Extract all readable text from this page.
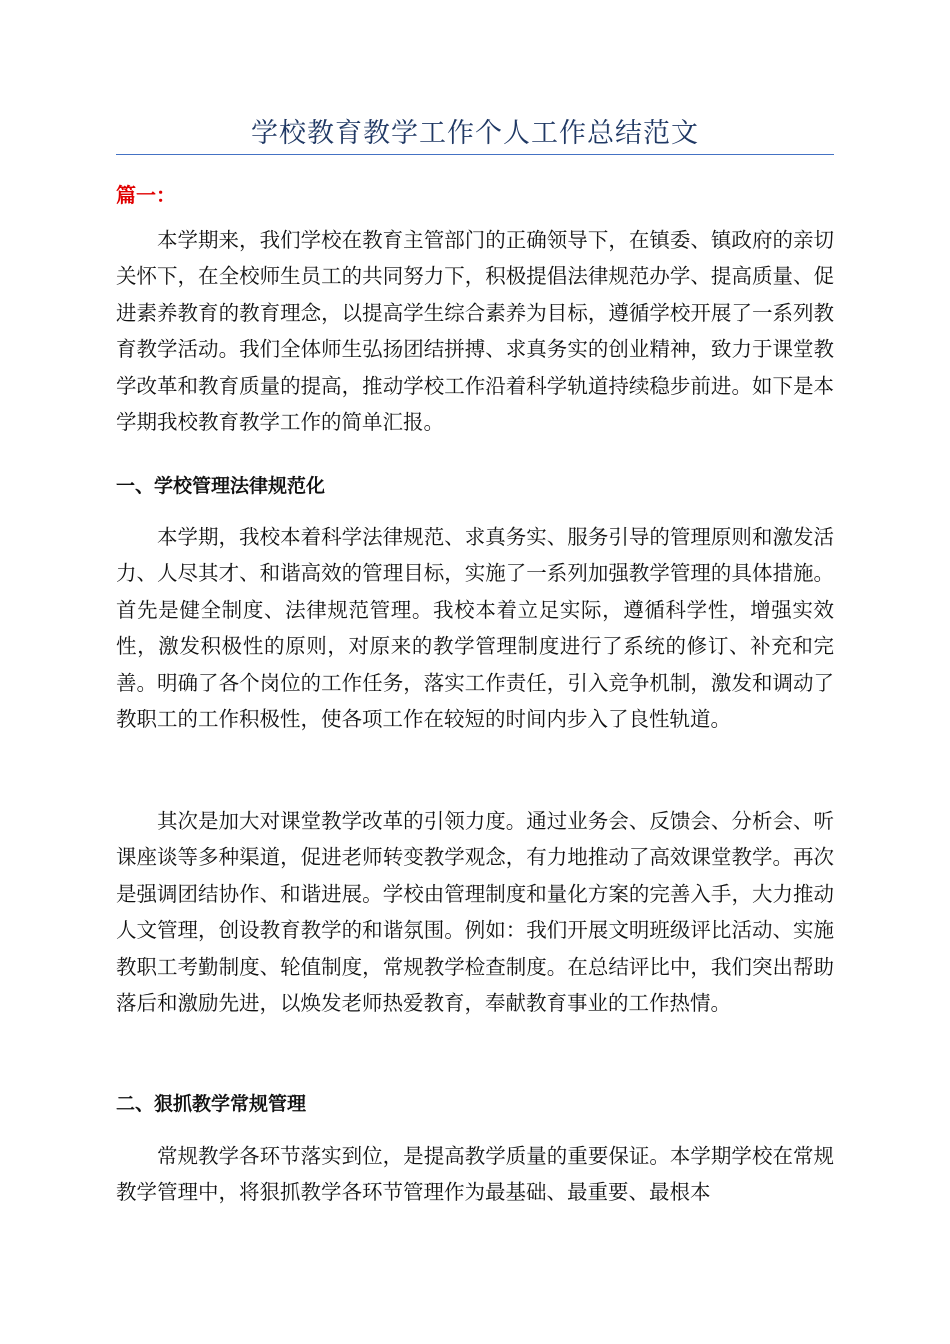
学校教育教学工作个人工作总结范文

篇一：

本学期来，我们学校在教育主管部门的正确领导下，在镇委、镇政府的亲切关怀下，在全校师生员工的共同努力下，积极提倡法律规范办学、提高质量、促进素养教育的教育理念，以提高学生综合素养为目标，遵循学校开展了一系列教育教学活动。我们全体师生弘扬团结拼搏、求真务实的创业精神，致力于课堂教学改革和教育质量的提高，推动学校工作沿着科学轨道持续稳步前进。如下是本学期我校教育教学工作的简单汇报。

一、学校管理法律规范化

本学期，我校本着科学法律规范、求真务实、服务引导的管理原则和激发活力、人尽其才、和谐高效的管理目标，实施了一系列加强教学管理的具体措施。首先是健全制度、法律规范管理。我校本着立足实际，遵循科学性，增强实效性，激发积极性的原则，对原来的教学管理制度进行了系统的修订、补充和完善。明确了各个岗位的工作任务，落实工作责任，引入竞争机制，激发和调动了教职工的工作积极性，使各项工作在较短的时间内步入了良性轨道。

其次是加大对课堂教学改革的引领力度。通过业务会、反馈会、分析会、听课座谈等多种渠道，促进老师转变教学观念，有力地推动了高效课堂教学。再次是强调团结协作、和谐进展。学校由管理制度和量化方案的完善入手，大力推动人文管理，创设教育教学的和谐氛围。例如：我们开展文明班级评比活动、实施教职工考勤制度、轮值制度，常规教学检查制度。在总结评比中，我们突出帮助落后和激励先进，以焕发老师热爱教育，奉献教育事业的工作热情。

二、狠抓教学常规管理

常规教学各环节落实到位，是提高教学质量的重要保证。本学期学校在常规教学管理中，将狠抓教学各环节管理作为最基础、最重要、最根本
